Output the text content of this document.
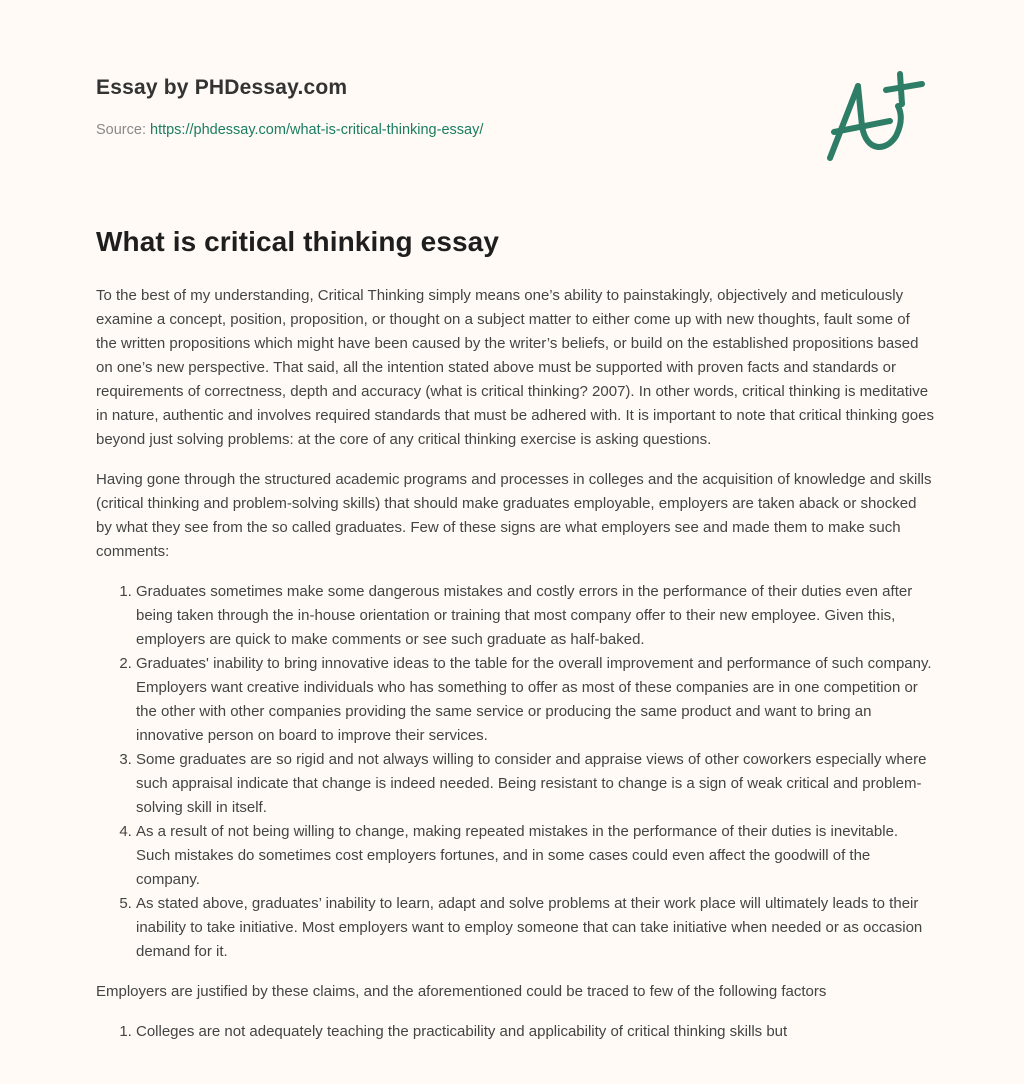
Essay by PHDessay.com
Source: https://phdessay.com/what-is-critical-thinking-essay/
What is critical thinking essay

To the best of my understanding, Critical Thinking simply means one’s ability to painstakingly, objectively and meticulously examine a concept, position, proposition, or thought on a subject matter to either come up with new thoughts, fault some of the written propositions which might have been caused by the writer’s beliefs, or build on the established propositions based on one’s new perspective. That said, all the intention stated above must be supported with proven facts and standards or requirements of correctness, depth and accuracy (what is critical thinking? 2007). In other words, critical thinking is meditative in nature, authentic and involves required standards that must be adhered with. It is important to note that critical thinking goes beyond just solving problems: at the core of any critical thinking exercise is asking questions.

Having gone through the structured academic programs and processes in colleges and the acquisition of knowledge and skills (critical thinking and problem-solving skills) that should make graduates employable, employers are taken aback or shocked by what they see from the so called graduates. Few of these signs are what employers see and made them to make such comments:

1. Graduates sometimes make some dangerous mistakes and costly errors in the performance of their duties even after being taken through the in-house orientation or training that most company offer to their new employee. Given this, employers are quick to make comments or see such graduate as half-baked.
2. Graduates' inability to bring innovative ideas to the table for the overall improvement and performance of such company. Employers want creative individuals who has something to offer as most of these companies are in one competition or the other with other companies providing the same service or producing the same product and want to bring an innovative person on board to improve their services.
3. Some graduates are so rigid and not always willing to consider and appraise views of other coworkers especially where such appraisal indicate that change is indeed needed. Being resistant to change is a sign of weak critical and problem-solving skill in itself.
4. As a result of not being willing to change, making repeated mistakes in the performance of their duties is inevitable. Such mistakes do sometimes cost employers fortunes, and in some cases could even affect the goodwill of the company.
5. As stated above, graduates’ inability to learn, adapt and solve problems at their work place will ultimately leads to their inability to take initiative. Most employers want to employ someone that can take initiative when needed or as occasion demand for it.

Employers are justified by these claims, and the aforementioned could be traced to few of the following factors

1. Colleges are not adequately teaching the practicability and applicability of critical thinking skills but
